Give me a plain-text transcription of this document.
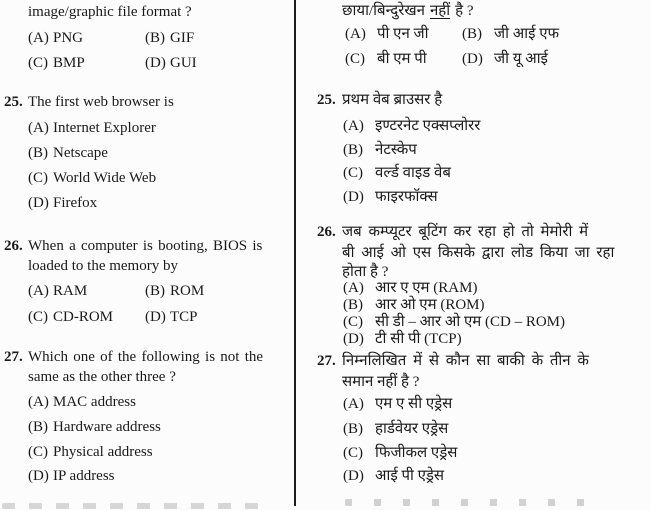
image/graphic file format ?
(A) PNG	(B) GIF
(C) BMP	(D) GUI
25. The first web browser is
(A) Internet Explorer
(B) Netscape
(C) World Wide Web
(D) Firefox
26. When a computer is booting, BIOS is
loaded to the memory by
(A) RAM	(B) ROM
(C) CD-ROM (D) TCP
27. Which one of the following is not the
same as the other three ?
(A) MAC address
(B) Hardware address
(C) Physical address
(D) IP address
छाया/बिन्दुरेखन नहीं है ?
(A) पी एन जी (B) जी आई एफ
(C) बी एम पी (D) जी यू आई
25. प्रथम वेब ब्राउसर है
(A) इण्टरनेट एक्सप्लोरर
(B) नेटस्केप
(C) वर्ल्ड वाइड वेब
(D) फाइरफॉक्स
26. जब कम्प्यूटर बूटिंग कर रहा हो तो मेमोरी में
बी आई ओ एस किसके द्वारा लोड किया जा रहा
होता है ?
(A) आर ए एम (RAM)
(B) आर ओ एम (ROM)
(C) सी डी – आर ओ एम (CD – ROM)
(D) टी सी पी (TCP)
27. निम्नलिखित में से कौन सा बाकी के तीन के
समान नहीं है ?
(A) एम ए सी एड्रेस
(B) हार्डवेयर एड्रेस
(C) फिजीकल एड्रेस
(D) आई पी एड्रेस
